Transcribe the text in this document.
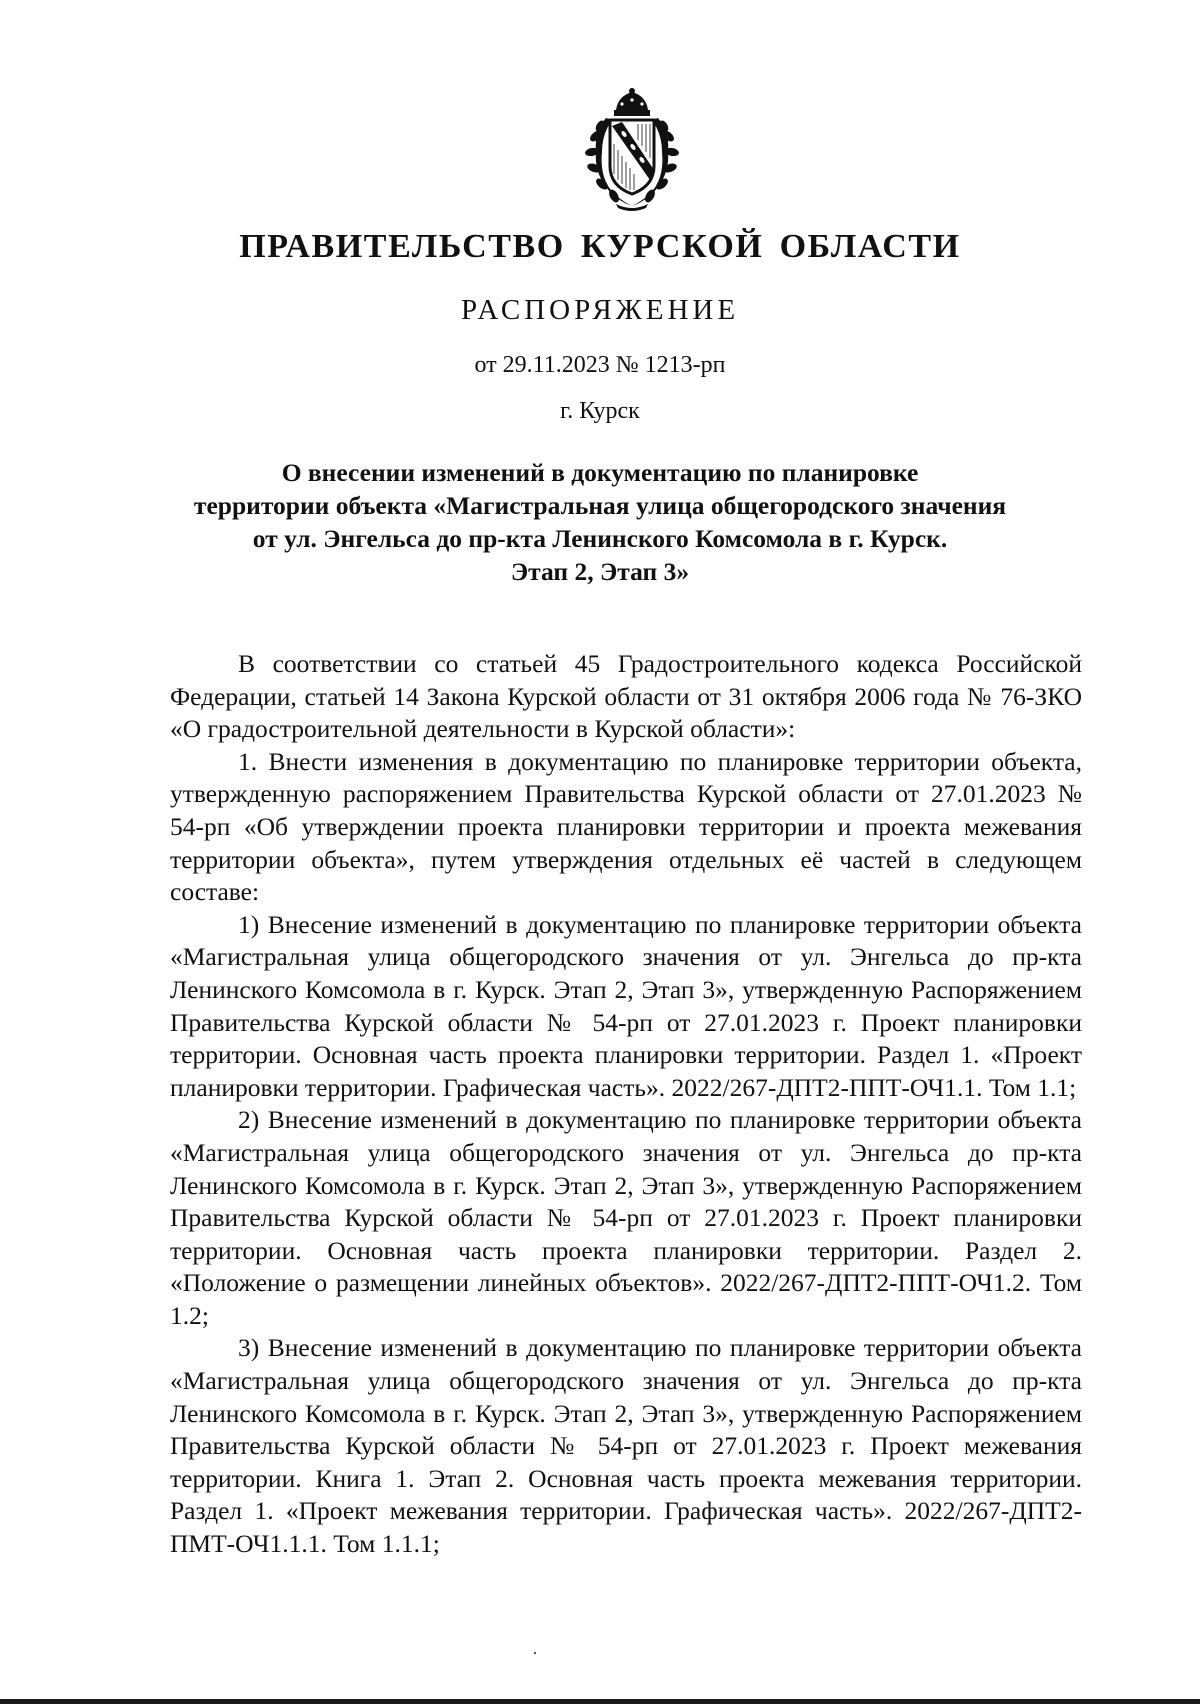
ПРАВИТЕЛЬСТВО КУРСКОЙ ОБЛАСТИ
РАСПОРЯЖЕНИЕ
от 29.11.2023 № 1213-рп
г. Курск
О внесении изменений в документацию по планировке
территории объекта «Магистральная улица общегородского значения
от ул. Энгельса до пр-кта Ленинского Комсомола в г. Курск.
Этап 2, Этап 3»

В соответствии со статьей 45 Градостроительного кодекса Российской Федерации, статьей 14 Закона Курской области от 31 октября 2006 года № 76-ЗКО «О градостроительной деятельности в Курской области»:

1. Внести изменения в документацию по планировке территории объекта, утвержденную распоряжением Правительства Курской области от 27.01.2023 № 54-рп «Об утверждении проекта планировки территории и проекта межевания территории объекта», путем утверждения отдельных её частей в следующем составе:

1) Внесение изменений в документацию по планировке территории объекта «Магистральная улица общегородского значения от ул. Энгельса до пр-кта Ленинского Комсомола в г. Курск. Этап 2, Этап 3», утвержденную Распоряжением Правительства Курской области № 54-рп от 27.01.2023 г. Проект планировки территории. Основная часть проекта планировки территории. Раздел 1. «Проект планировки территории. Графическая часть». 2022/267-ДПТ2-ППТ-ОЧ1.1. Том 1.1;

2) Внесение изменений в документацию по планировке территории объекта «Магистральная улица общегородского значения от ул. Энгельса до пр-кта Ленинского Комсомола в г. Курск. Этап 2, Этап 3», утвержденную Распоряжением Правительства Курской области № 54-рп от 27.01.2023 г. Проект планировки территории. Основная часть проекта планировки территории. Раздел 2. «Положение о размещении линейных объектов». 2022/267-ДПТ2-ППТ-ОЧ1.2. Том 1.2;

3) Внесение изменений в документацию по планировке территории объекта «Магистральная улица общегородского значения от ул. Энгельса до пр-кта Ленинского Комсомола в г. Курск. Этап 2, Этап 3», утвержденную Распоряжением Правительства Курской области № 54-рп от 27.01.2023 г. Проект межевания территории. Книга 1. Этап 2. Основная часть проекта межевания территории. Раздел 1. «Проект межевания территории. Графическая часть». 2022/267-ДПТ2-ПМТ-ОЧ1.1.1. Том 1.1.1;
